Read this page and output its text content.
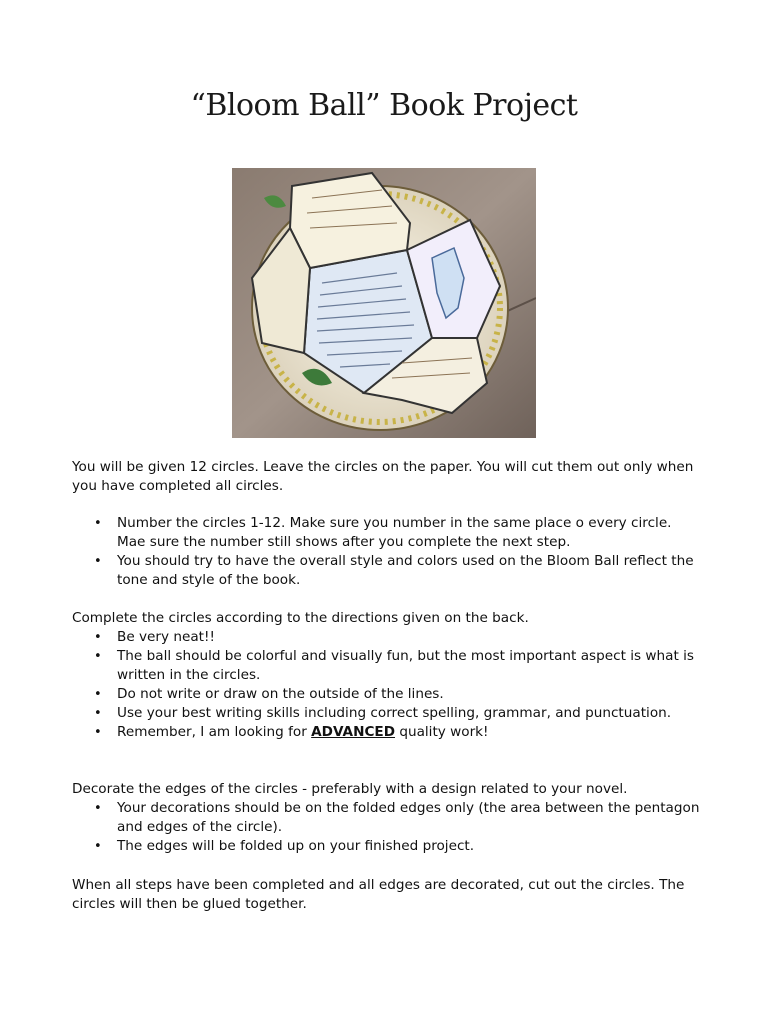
“Bloom Ball” Book Project

You will be given 12 circles. Leave the circles on the paper. You will cut them out only when you have completed all circles.

• Number the circles 1-12. Make sure you number in the same place o every circle. Mae sure the number still shows after you complete the next step.
• You should try to have the overall style and colors used on the Bloom Ball reflect the tone and style of the book.

Complete the circles according to the directions given on the back.

• Be very neat!!
• The ball should be colorful and visually fun, but the most important aspect is what is written in the circles.
• Do not write or draw on the outside of the lines.
• Use your best writing skills including correct spelling, grammar, and punctuation.
• Remember, I am looking for ADVANCED quality work!

Decorate the edges of the circles - preferably with a design related to your novel.

• Your decorations should be on the folded edges only (the area between the pentagon and edges of the circle).
• The edges will be folded up on your finished project.

When all steps have been completed and all edges are decorated, cut out the circles. The circles will then be glued together.
